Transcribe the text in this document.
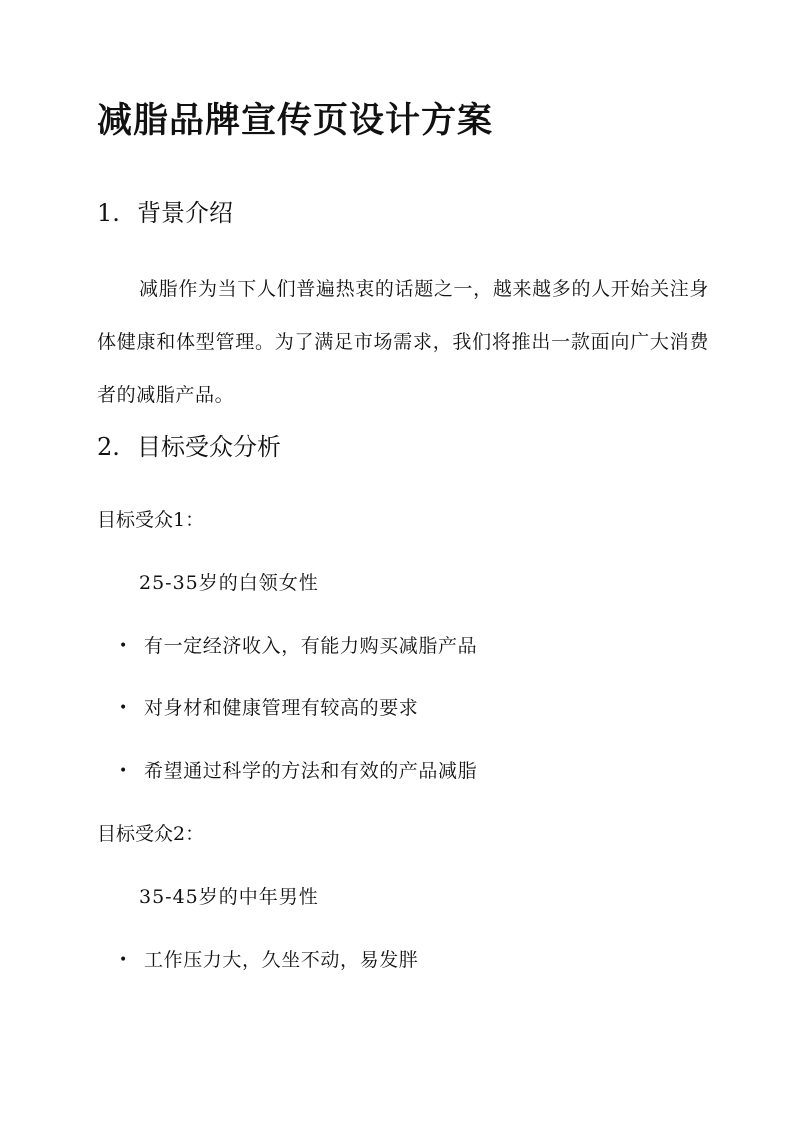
减脂品牌宣传页设计方案
1. 背景介绍
减脂作为当下人们普遍热衷的话题之一，越来越多的人开始关注身体健康和体型管理。为了满足市场需求，我们将推出一款面向广大消费者的减脂产品。
2. 目标受众分析
目标受众1：
25-35岁的白领女性
• 有一定经济收入，有能力购买减脂产品
• 对身材和健康管理有较高的要求
• 希望通过科学的方法和有效的产品减脂
目标受众2：
35-45岁的中年男性
• 工作压力大，久坐不动，易发胖
